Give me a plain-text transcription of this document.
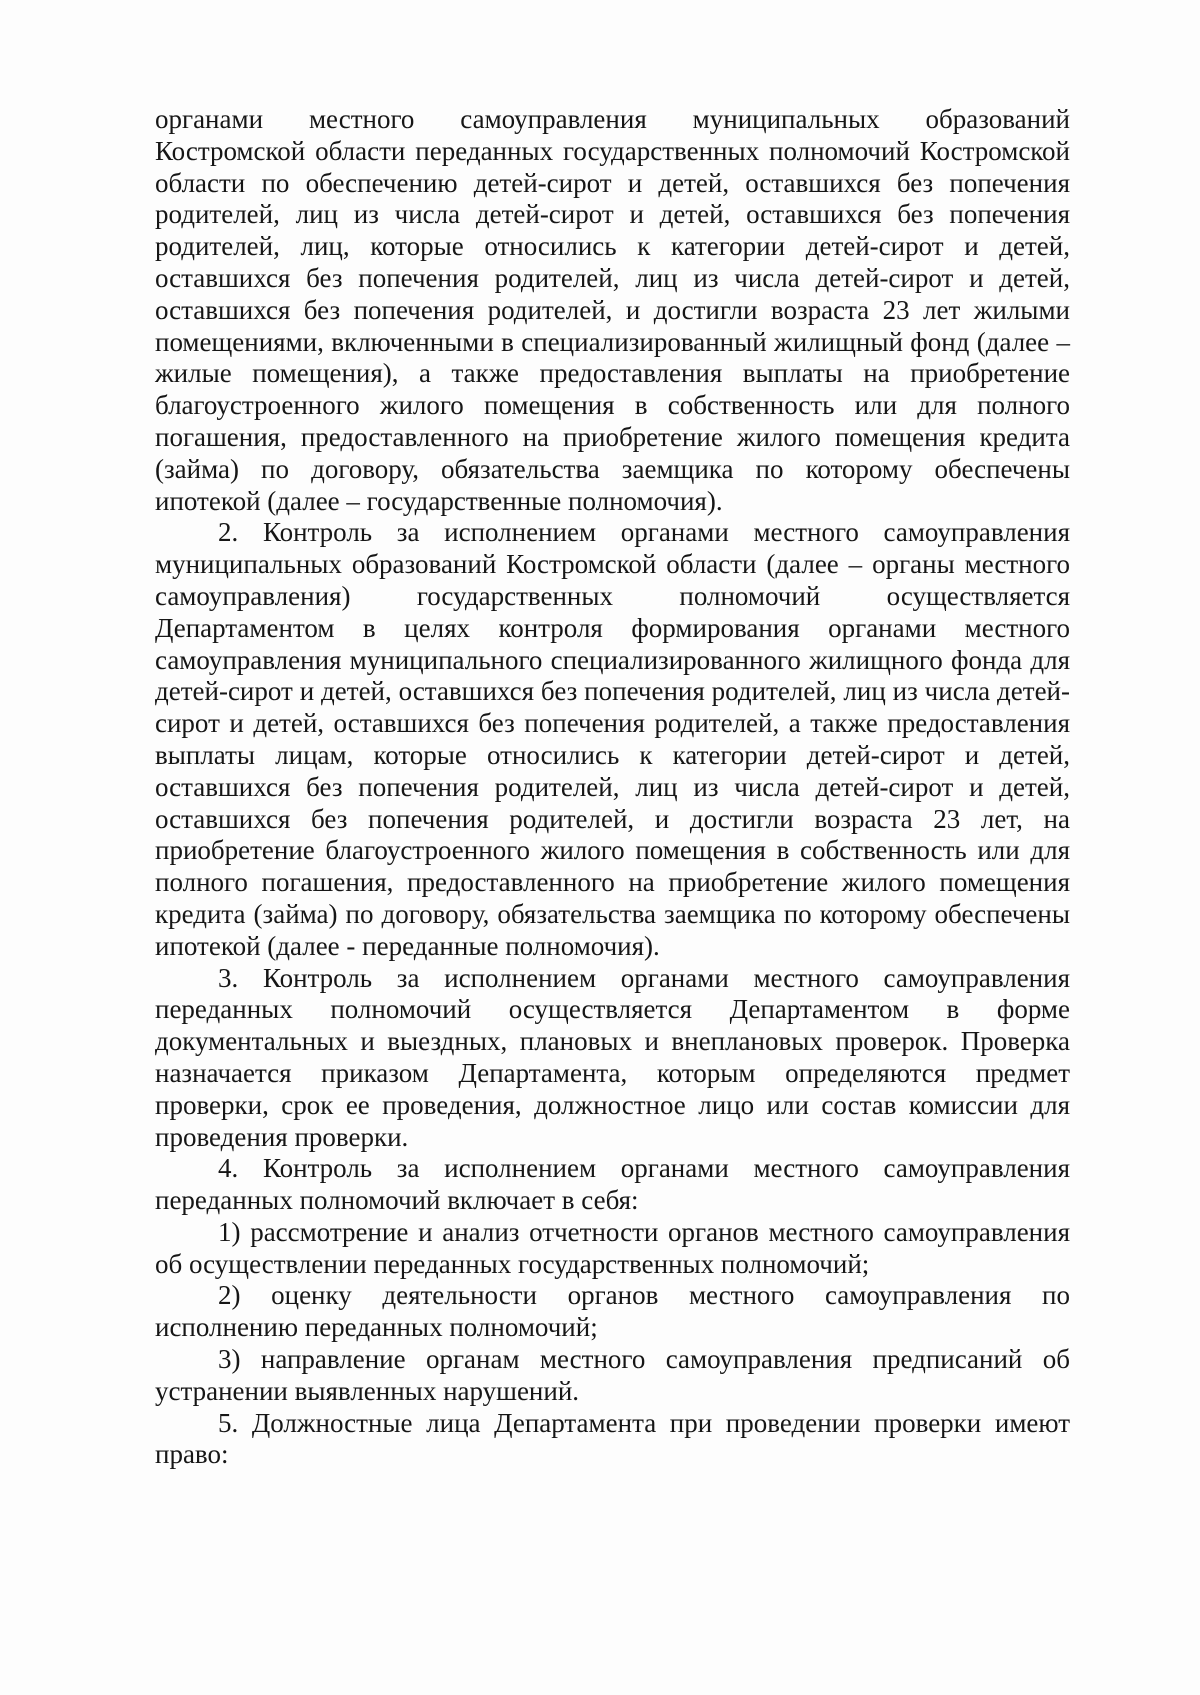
органами местного самоуправления муниципальных образований Костромской области переданных государственных полномочий Костромской области по обеспечению детей-сирот и детей, оставшихся без попечения родителей, лиц из числа детей-сирот и детей, оставшихся без попечения родителей, лиц, которые относились к категории детей-сирот и детей, оставшихся без попечения родителей, лиц из числа детей-сирот и детей, оставшихся без попечения родителей, и достигли возраста 23 лет жилыми помещениями, включенными в специализированный жилищный фонд (далее – жилые помещения), а также предоставления выплаты на приобретение благоустроенного жилого помещения в собственность или для полного погашения, предоставленного на приобретение жилого помещения кредита (займа) по договору, обязательства заемщика по которому обеспечены ипотекой (далее – государственные полномочия).

2. Контроль за исполнением органами местного самоуправления муниципальных образований Костромской области (далее – органы местного самоуправления) государственных полномочий осуществляется Департаментом в целях контроля формирования органами местного самоуправления муниципального специализированного жилищного фонда для детей-сирот и детей, оставшихся без попечения родителей, лиц из числа детей-сирот и детей, оставшихся без попечения родителей, а также предоставления выплаты лицам, которые относились к категории детей-сирот и детей, оставшихся без попечения родителей, лиц из числа детей-сирот и детей, оставшихся без попечения родителей, и достигли возраста 23 лет, на приобретение благоустроенного жилого помещения в собственность или для полного погашения, предоставленного на приобретение жилого помещения кредита (займа) по договору, обязательства заемщика по которому обеспечены ипотекой (далее - переданные полномочия).

3. Контроль за исполнением органами местного самоуправления переданных полномочий осуществляется Департаментом в форме документальных и выездных, плановых и внеплановых проверок. Проверка назначается приказом Департамента, которым определяются предмет проверки, срок ее проведения, должностное лицо или состав комиссии для проведения проверки.

4. Контроль за исполнением органами местного самоуправления переданных полномочий включает в себя:

1) рассмотрение и анализ отчетности органов местного самоуправления об осуществлении переданных государственных полномочий;

2) оценку деятельности органов местного самоуправления по исполнению переданных полномочий;

3) направление органам местного самоуправления предписаний об устранении выявленных нарушений.

5. Должностные лица Департамента при проведении проверки имеют право:
